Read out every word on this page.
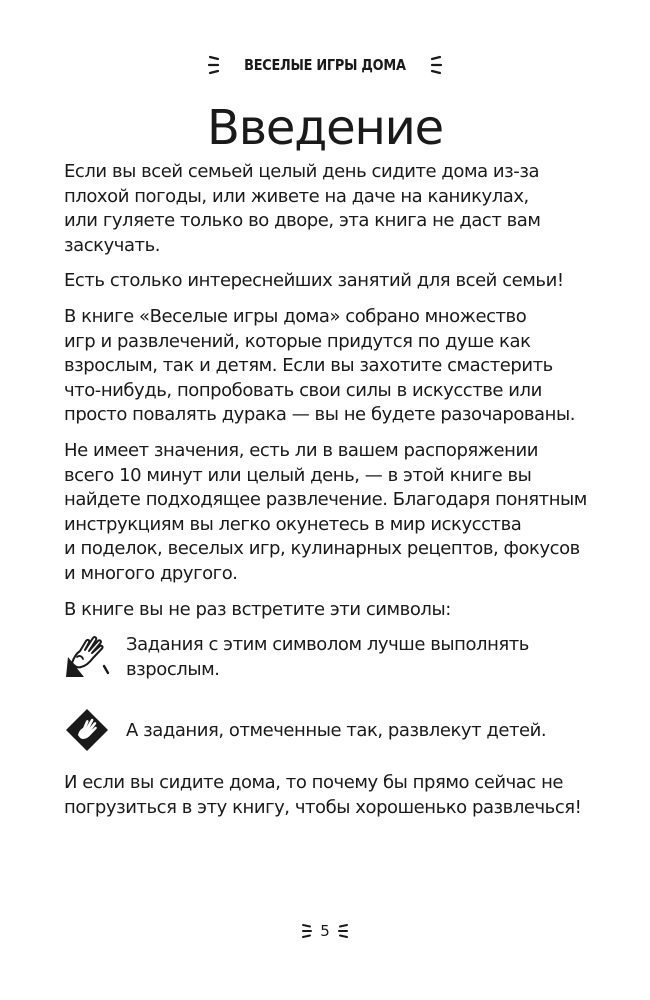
ВЕСЕЛЫЕ ИГРЫ ДОМА
Введение

Если вы всей семьей целый день сидите дома из-за
плохой погоды, или живете на даче на каникулах,
или гуляете только во дворе, эта книга не даст вам
заскучать.

Есть столько интереснейших занятий для всей семьи!

В книге «Веселые игры дома» собрано множество
игр и развлечений, которые придутся по душе как
взрослым, так и детям. Если вы захотите смастерить
что-нибудь, попробовать свои силы в искусстве или
просто повалять дурака — вы не будете разочарованы.

Не имеет значения, есть ли в вашем распоряжении
всего 10 минут или целый день, — в этой книге вы
найдете подходящее развлечение. Благодаря понятным
инструкциям вы легко окунетесь в мир искусства
и поделок, веселых игр, кулинарных рецептов, фокусов
и многого другого.

В книге вы не раз встретите эти символы:

Задания с этим символом лучше выполнять
взрослым.
А задания, отмеченные так, развлекут детей.

И если вы сидите дома, то почему бы прямо сейчас не
погрузиться в эту книгу, чтобы хорошенько развлечься!

5
